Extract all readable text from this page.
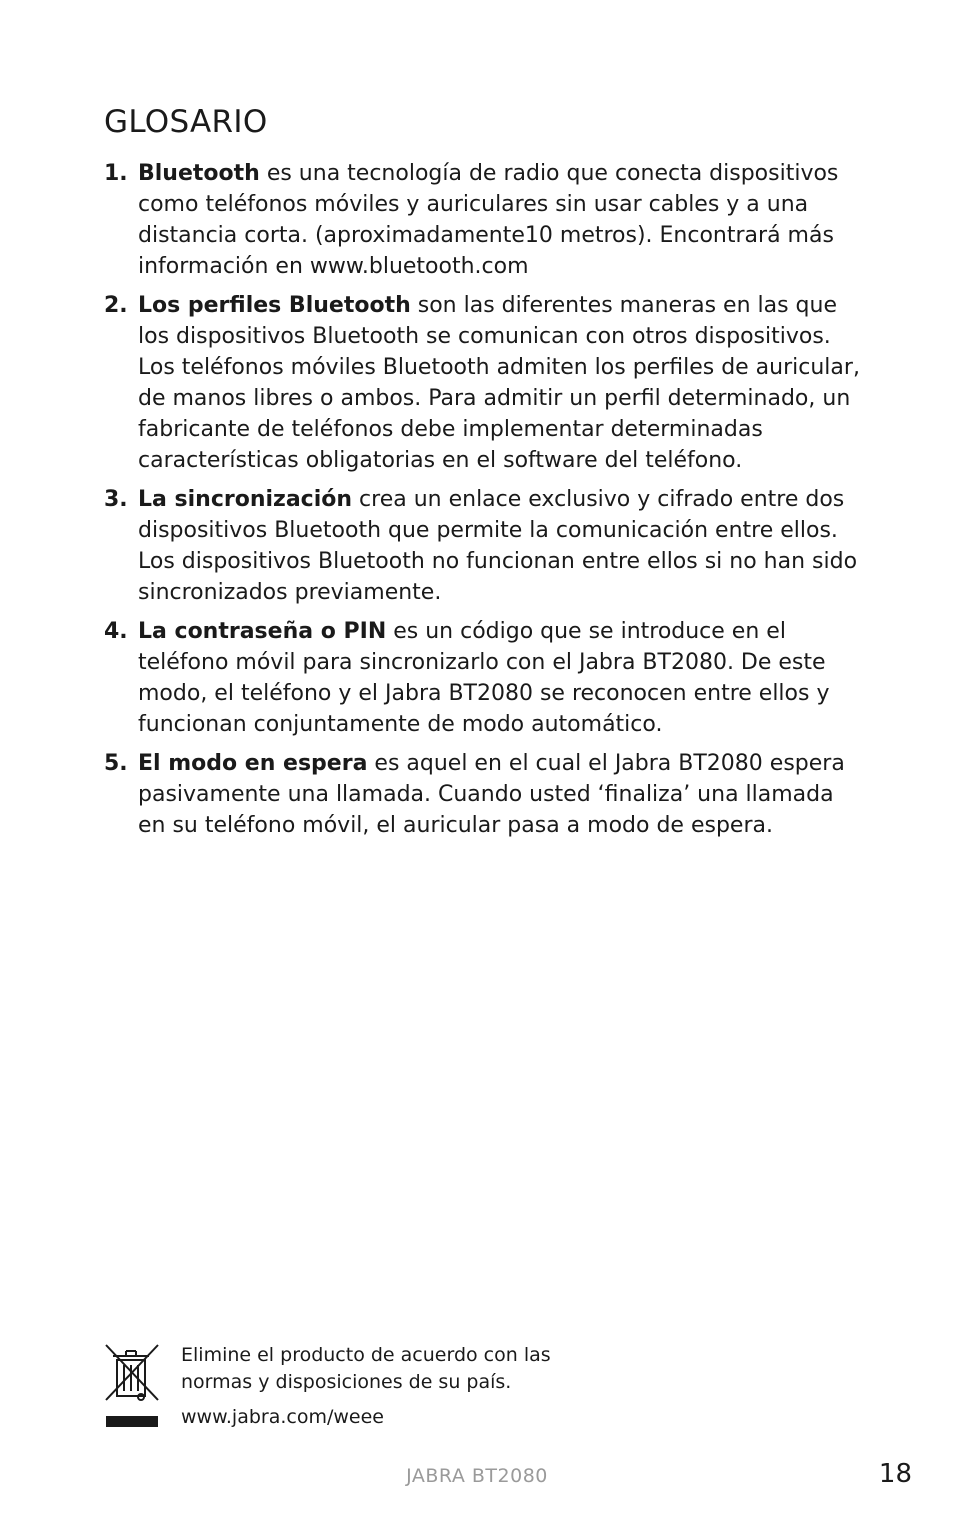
GLOSARIO
1. Bluetooth es una tecnología de radio que conecta dispositivos como teléfonos móviles y auriculares sin usar cables y a una distancia corta. (aproximadamente10 metros). Encontrará más información en www.bluetooth.com
2. Los perfiles Bluetooth son las diferentes maneras en las que los dispositivos Bluetooth se comunican con otros dispositivos. Los teléfonos móviles Bluetooth admiten los perfiles de auricular, de manos libres o ambos. Para admitir un perfil determinado, un fabricante de teléfonos debe implementar determinadas características obligatorias en el software del teléfono.
3. La sincronización crea un enlace exclusivo y cifrado entre dos dispositivos Bluetooth que permite la comunicación entre ellos. Los dispositivos Bluetooth no funcionan entre ellos si no han sido sincronizados previamente.
4. La contraseña o PIN es un código que se introduce en el teléfono móvil para sincronizarlo con el Jabra BT2080. De este modo, el teléfono y el Jabra BT2080 se reconocen entre ellos y funcionan conjuntamente de modo automático.
5. El modo en espera es aquel en el cual el Jabra BT2080 espera pasivamente una llamada. Cuando usted ‘finaliza’ una llamada en su teléfono móvil, el auricular pasa a modo de espera.
Elimine el producto de acuerdo con las
normas y disposiciones de su país.
www.jabra.com/weee
JABRA BT2080	18
